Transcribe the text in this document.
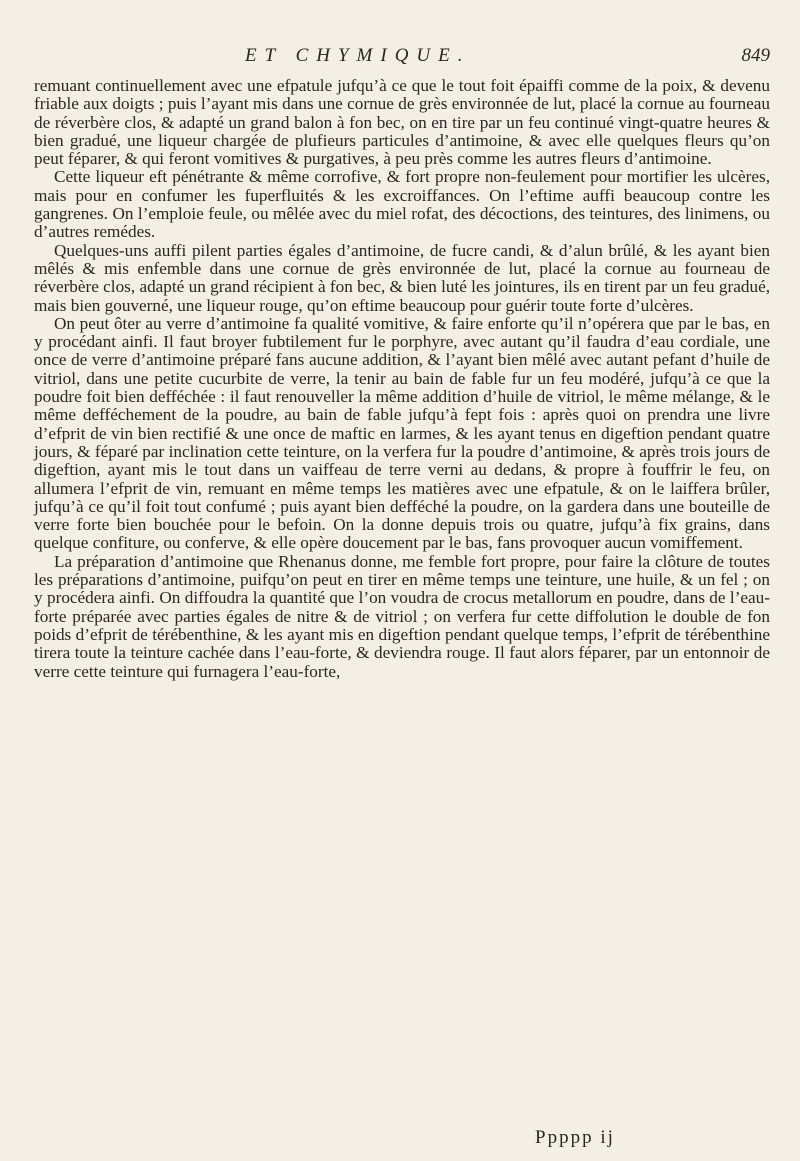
ET CHYMIQUE.	849

remuant continuellement avec une efpatule jufqu’à ce que le tout foit épaiffi comme de la poix, & devenu friable aux doigts ; puis l’ayant mis dans une cornue de grès environnée de lut, placé la cornue au fourneau de réverbère clos, & adapté un grand balon à fon bec, on en tire par un feu continué vingt-quatre heures & bien gradué, une liqueur chargée de plufieurs particules d’antimoine, & avec elle quelques fleurs qu’on peut féparer, & qui feront vomitives & purgatives, à peu près comme les autres fleurs d’antimoine.

Cette liqueur eft pénétrante & même corrofive, & fort propre non-feulement pour mortifier les ulcères, mais pour en confumer les fuperfluités & les excroiffances. On l’eftime auffi beaucoup contre les gangrenes. On l’emploie feule, ou mêlée avec du miel rofat, des décoctions, des teintures, des linimens, ou d’autres remédes.

Quelques-uns auffi pilent parties égales d’antimoine, de fucre candi, & d’alun brûlé, & les ayant bien mêlés & mis enfemble dans une cornue de grès environnée de lut, placé la cornue au fourneau de réverbère clos, adapté un grand récipient à fon bec, & bien luté les jointures, ils en tirent par un feu gradué, mais bien gouverné, une liqueur rouge, qu’on eftime beaucoup pour guérir toute forte d’ulcères.

On peut ôter au verre d’antimoine fa qualité vomitive, & faire enforte qu’il n’opérera que par le bas, en y procédant ainfi. Il faut broyer fubtilement fur le porphyre, avec autant qu’il faudra d’eau cordiale, une once de verre d’antimoine préparé fans aucune addition, & l’ayant bien mêlé avec autant pefant d’huile de vitriol, dans une petite cucurbite de verre, la tenir au bain de fable fur un feu modéré, jufqu’à ce que la poudre foit bien defféchée : il faut renouveller la même addition d’huile de vitriol, le même mélange, & le même defféchement de la poudre, au bain de fable jufqu’à fept fois : après quoi on prendra une livre d’efprit de vin bien rectifié & une once de maftic en larmes, & les ayant tenus en digeftion pendant quatre jours, & féparé par inclination cette teinture, on la verfera fur la poudre d’antimoine, & après trois jours de digeftion, ayant mis le tout dans un vaiffeau de terre verni au dedans, & propre à fouffrir le feu, on allumera l’efprit de vin, remuant en même temps les matières avec une efpatule, & on le laiffera brûler, jufqu’à ce qu’il foit tout confumé ; puis ayant bien defféché la poudre, on la gardera dans une bouteille de verre forte bien bouchée pour le befoin. On la donne depuis trois ou quatre, jufqu’à fix grains, dans quelque confiture, ou conferve, & elle opère doucement par le bas, fans provoquer aucun vomiffement.

La préparation d’antimoine que Rhenanus donne, me femble fort propre, pour faire la clôture de toutes les préparations d’antimoine, puifqu’on peut en tirer en même temps une teinture, une huile, & un fel ; on y procédera ainfi. On diffoudra la quantité que l’on voudra de crocus metallorum en poudre, dans de l’eau-forte préparée avec parties égales de nitre & de vitriol ; on verfera fur cette diffolution le double de fon poids d’efprit de térébenthine, & les ayant mis en digeftion pendant quelque temps, l’efprit de térébenthine tirera toute la teinture cachée dans l’eau-forte, & deviendra rouge. Il faut alors féparer, par un entonnoir de verre cette teinture qui furnagera l’eau-forte,

Ppppp ij
